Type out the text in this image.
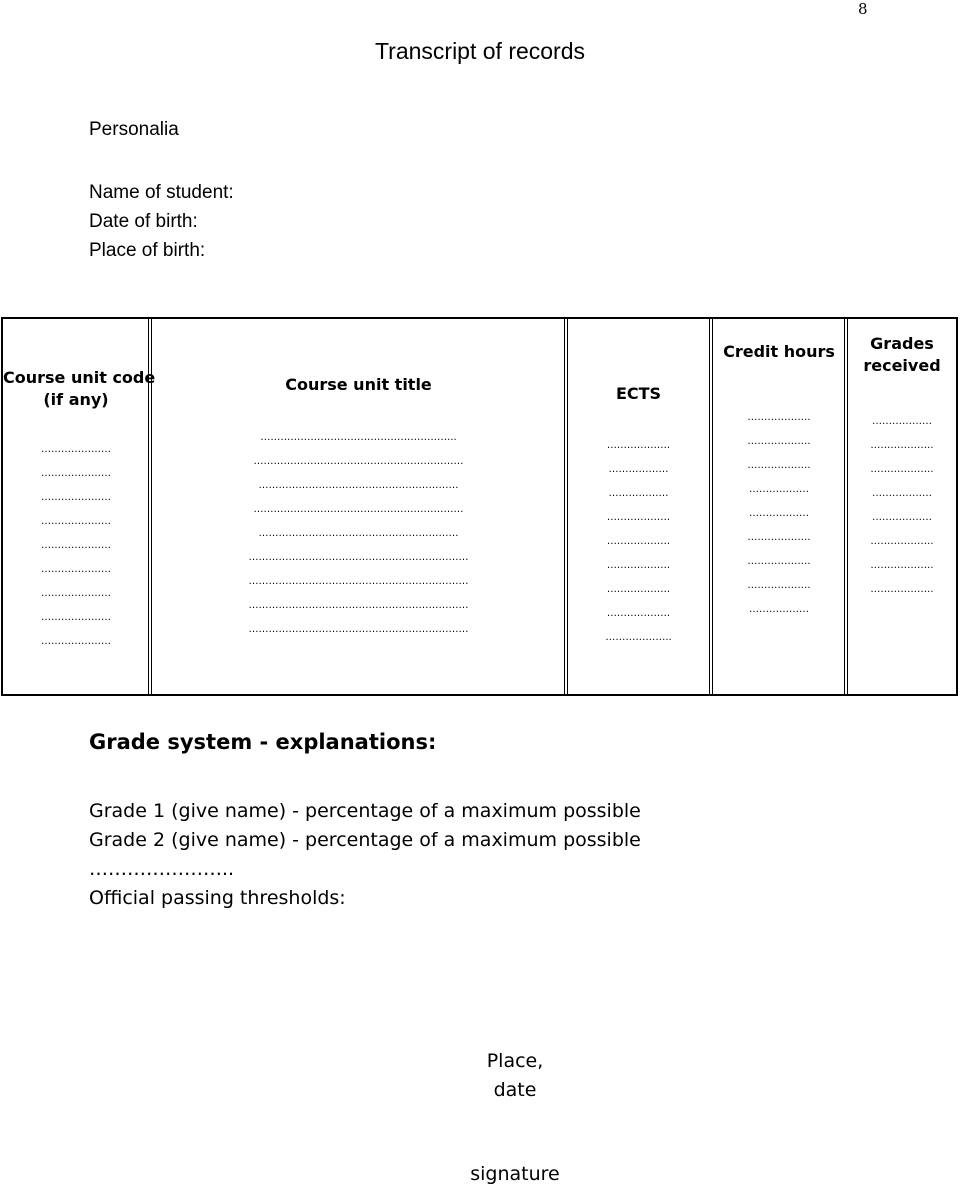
8
Transcript of records
Personalia
Name of student:
Date of birth:
Place of birth:
Course unit code
(if any)
…………………
…………………
…………………
…………………
…………………
…………………
…………………
…………………
…………………
Course unit title
…………………………………………………..
………………………………………………………
……………………………………………………
………………………………………………………
……………………………………………………
…………………………………………………………
…………………………………………………………
…………………………………………………………
…………………………………………………………
ECTS
……………….
………………
………………
……………….
……………….
……………….
……………….
……………….
………………..
Credit hours
……………….
……………….
……………….
………………
………………
……………….
……………….
……………….
………………
Grades
received
………………
……………….
……………….
………………
………………
……………….
……………….
……………….
Grade system - explanations:
Grade 1 (give name) - percentage of a maximum possible
Grade 2 (give name) - percentage of a maximum possible
…………………..
Official passing thresholds:
Place,
date
signature
